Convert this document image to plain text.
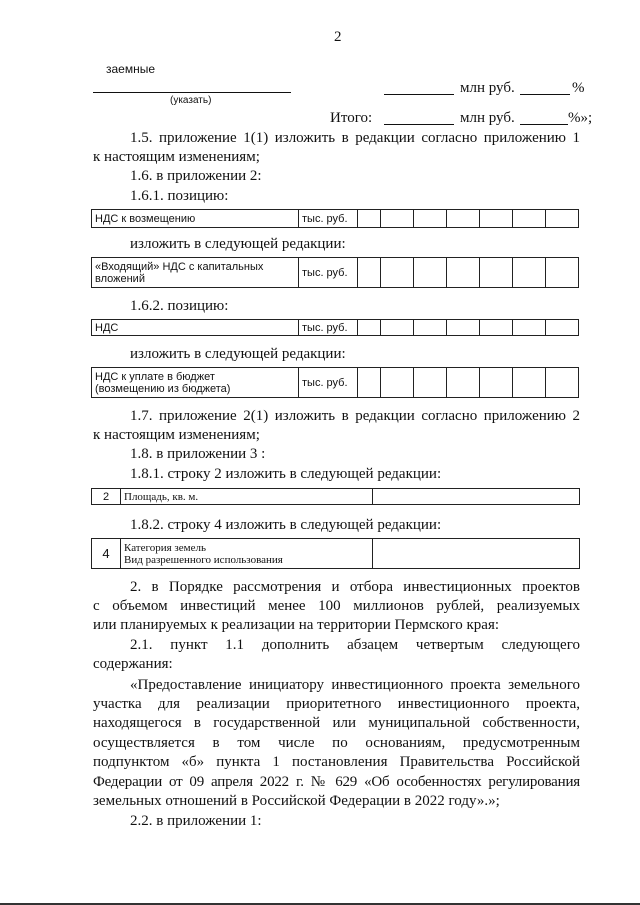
2
заемные
(указать)
млн руб.	%
Итого:	млн руб.	%»;
1.5. приложение 1(1) изложить в редакции согласно приложению 1
к настоящим изменениям;
1.6. в приложении 2:
1.6.1. позицию:
НДС к возмещению	тыс. руб.							
изложить в следующей редакции:
«Входящий» НДС с капитальных
вложений	тыс. руб.							
1.6.2. позицию:
НДС	тыс. руб.							
изложить в следующей редакции:
НДС к уплате в бюджет
(возмещению из бюджета)	тыс. руб.							
1.7. приложение 2(1) изложить в редакции согласно приложению 2
к настоящим изменениям;
1.8. в приложении 3 :
1.8.1. строку 2 изложить в следующей редакции:
2	Площадь, кв. м.	
1.8.2. строку 4 изложить в следующей редакции:
4	Категория земель
Вид разрешенного использования

2. в Порядке рассмотрения и отбора инвестиционных проектов
с объемом инвестиций менее 100 миллионов рублей, реализуемых
или планируемых к реализации на территории Пермского края:
2.1. пункт 1.1 дополнить абзацем четвертым следующего
содержания:
«Предоставление инициатору инвестиционного проекта земельного
участка для реализации приоритетного инвестиционного проекта,
находящегося в государственной или муниципальной собственности,
осуществляется в том числе по основаниям, предусмотренным
подпунктом «б» пункта 1 постановления Правительства Российской
Федерации от 09 апреля 2022 г. № 629 «Об особенностях регулирования
земельных отношений в Российской Федерации в 2022 году».»;
2.2. в приложении 1:
